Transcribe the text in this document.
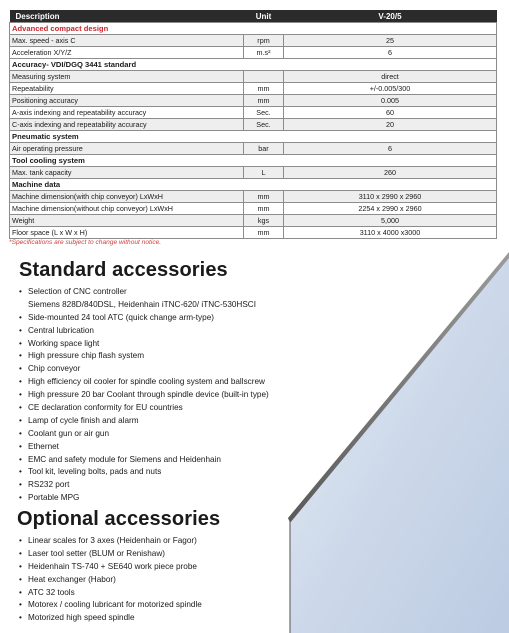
Description	Unit	V-20/5
Advanced compact design		
Max. speed - axis C	rpm	25
Acceleration X/Y/Z	m.s²	6
Accuracy- VDI/DGQ 3441 standard		
Measuring system		direct
Repeatability	mm	+/-0.005/300
Positioning accuracy	mm	0.005
A-axis indexing and repeatability accuracy	Sec.	60
C-axis indexing and repeatability accuracy	Sec.	20
Pneumatic system		
Air operating pressure	bar	6
Tool cooling system		
Max. tank capacity	L	260
Machine data		
Machine dimension(with chip conveyor) LxWxH	mm	3110 x 2990 x 2960
Machine dimension(without chip conveyor) LxWxH	mm	2254 x 2990 x 2960
Weight	kgs	5,000
Floor space (L x W x H)	mm	3110 x 4000 x3000
*Specifications are subject to change without notice.
Standard accessories
• Selection of CNC controller
Siemens 828D/840DSL, Heidenhain iTNC-620/ iTNC-530HSCI
• Side-mounted 24 tool ATC (quick change arm-type)
• Central lubrication
• Working space light
• High pressure chip flash system
• Chip conveyor
• High efficiency oil cooler for spindle cooling system and ballscrew
• High pressure 20 bar Coolant through spindle device (built-in type)
• CE declaration conformity for EU countries
• Lamp of cycle finish and alarm
• Coolant gun or air gun
• Ethernet
• EMC and safety module for Siemens and Heidenhain
• Tool kit, leveling bolts, pads and nuts
• RS232 port
• Portable MPG
Optional accessories
• Linear scales for 3 axes (Heidenhain or Fagor)
• Laser tool setter (BLUM or Renishaw)
• Heidenhain TS-740 + SE640 work piece probe
• Heat exchanger (Habor)
• ATC 32 tools
• Motorex / cooling lubricant for motorized spindle
• Motorized high speed spindle
